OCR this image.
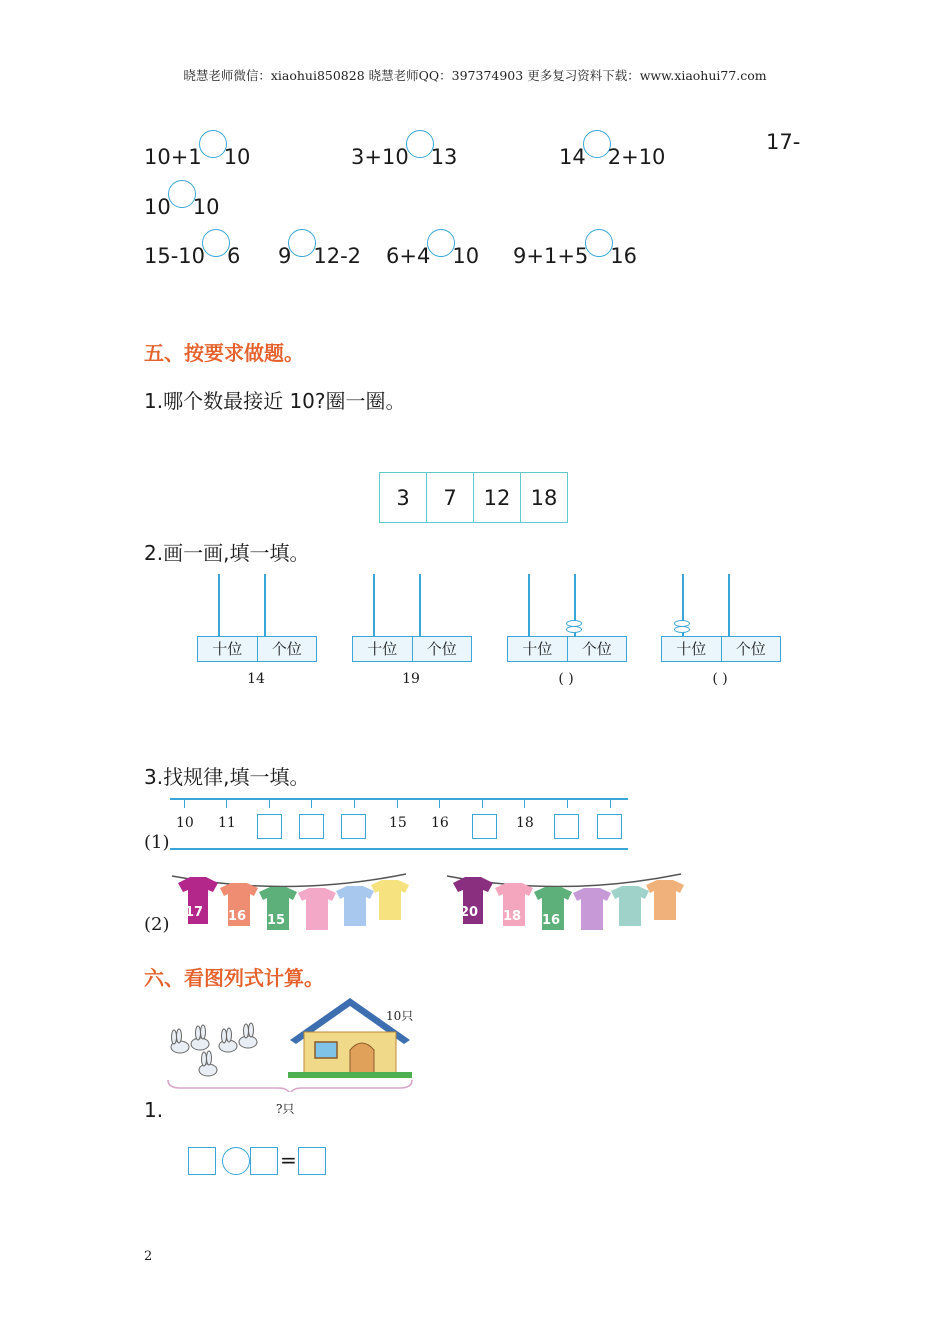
晓慧老师微信：xiaohui850828 晓慧老师QQ：397374903 更多复习资料下载：www.xiaohui77.com
10+1 10	3+10 13	14 2+10
17-
10 10
15-10 6 9 12-2 6+4 10 9+1+5 16
五、按要求做题。
1.哪个数最接近 10?圈一圈。
3	7	12	18
2.画一画,填一填。
十位	个位
14
十位	个位
19
十位	个位
( )
十位	个位
( )
3.找规律,填一填。
10 11	15 16	18
(1)
(2)
17 16 15
20 18 16
六、看图列式计算。
10只
?只
1.
=
2
